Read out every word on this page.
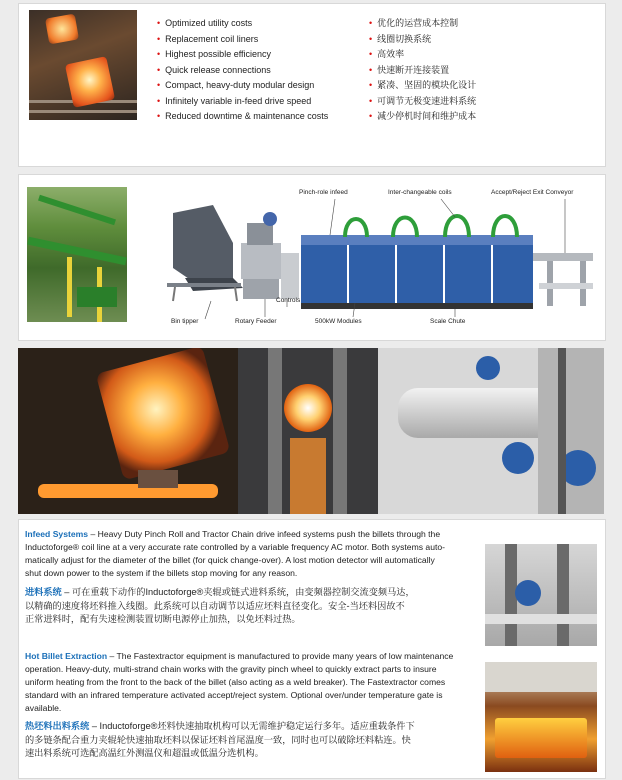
• Optimized utility costs
• Replacement coil liners
• Highest possible efficiency
• Quick release connections
• Compact, heavy-duty modular design
• Infinitely variable in-feed drive speed
• Reduced downtime & maintenance costs
• 优化的运营成本控制
• 线圈切换系统
• 高效率
• 快速断开连接装置
• 紧凑、坚固的模块化设计
• 可调节无极变速进料系统
• 减少停机时间和维护成本
Pinch-role infeed	Inter-changeable coils	Accept/Reject Exit Conveyor
Controls
Bin tipper	Rotary Feeder	500kW Modules	Scale Chute
Infeed Systems – Heavy Duty Pinch Roll and Tractor Chain drive infeed systems push the billets through the
Inductoforge® coil line at a very accurate rate controlled by a variable frequency AC motor. Both systems auto-
matically adjust for the diameter of the billet (for quick change-over). A lost motion detector will automatically
shut down power to the system if the billets stop moving for any reason.
进料系统 – 可在重载下动作的Inductoforge®夹辊或链式进料系统，由变频器控制交流变频马达，
以精确的速度将坯料推入线圈。此系统可以自动调节以适应坯料直径变化。安全-当坯料因故不
正常进料时，配有失速检测装置切断电源停止加热，以免坯料过热。
Hot Billet Extraction – The Fastextractor equipment is manufactured to provide many years of low maintenance
operation. Heavy-duty, multi-strand chain works with the gravity pinch wheel to quickly extract parts to insure
uniform heating from the front to the back of the billet (also acting as a weld breaker). The Fastextractor comes
standard with an infrared temperature activated accept/reject system. Optional over/under temperature gate is
available.
热坯料出料系统 – Inductoforge®坯料快速抽取机构可以无需维护稳定运行多年。适应重载条件下
的多链条配合重力夹辊轮快速抽取坯料以保证坯料首尾温度一致，同时也可以破除坯料粘连。快
速出料系统可选配高温红外测温仪和超温或低温分选机构。
